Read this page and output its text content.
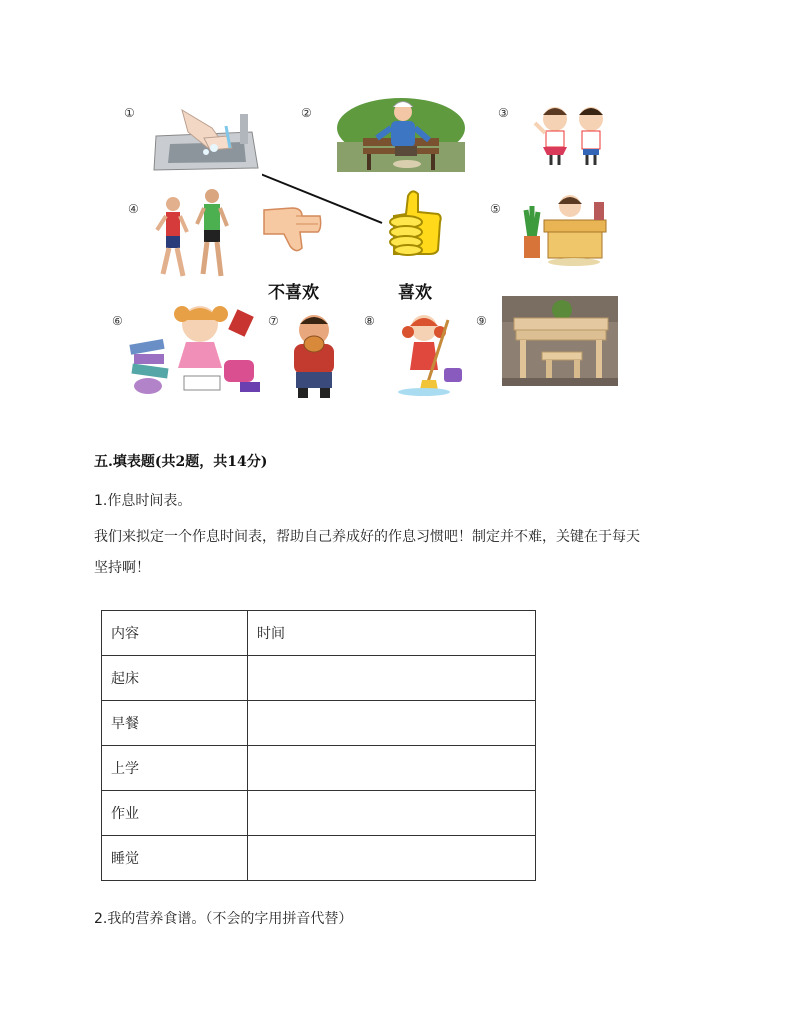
①	②	③
④
不喜欢	喜欢
⑤
⑥	⑦	⑧	⑨
五.填表题(共2题，共14分)
1.作息时间表。
我们来拟定一个作息时间表，帮助自己养成好的作息习惯吧！制定并不难，关键在于每天
坚持啊！
内容	时间
起床	
早餐	
上学	
作业	
睡觉	
2.我的营养食谱。（不会的字用拼音代替）
